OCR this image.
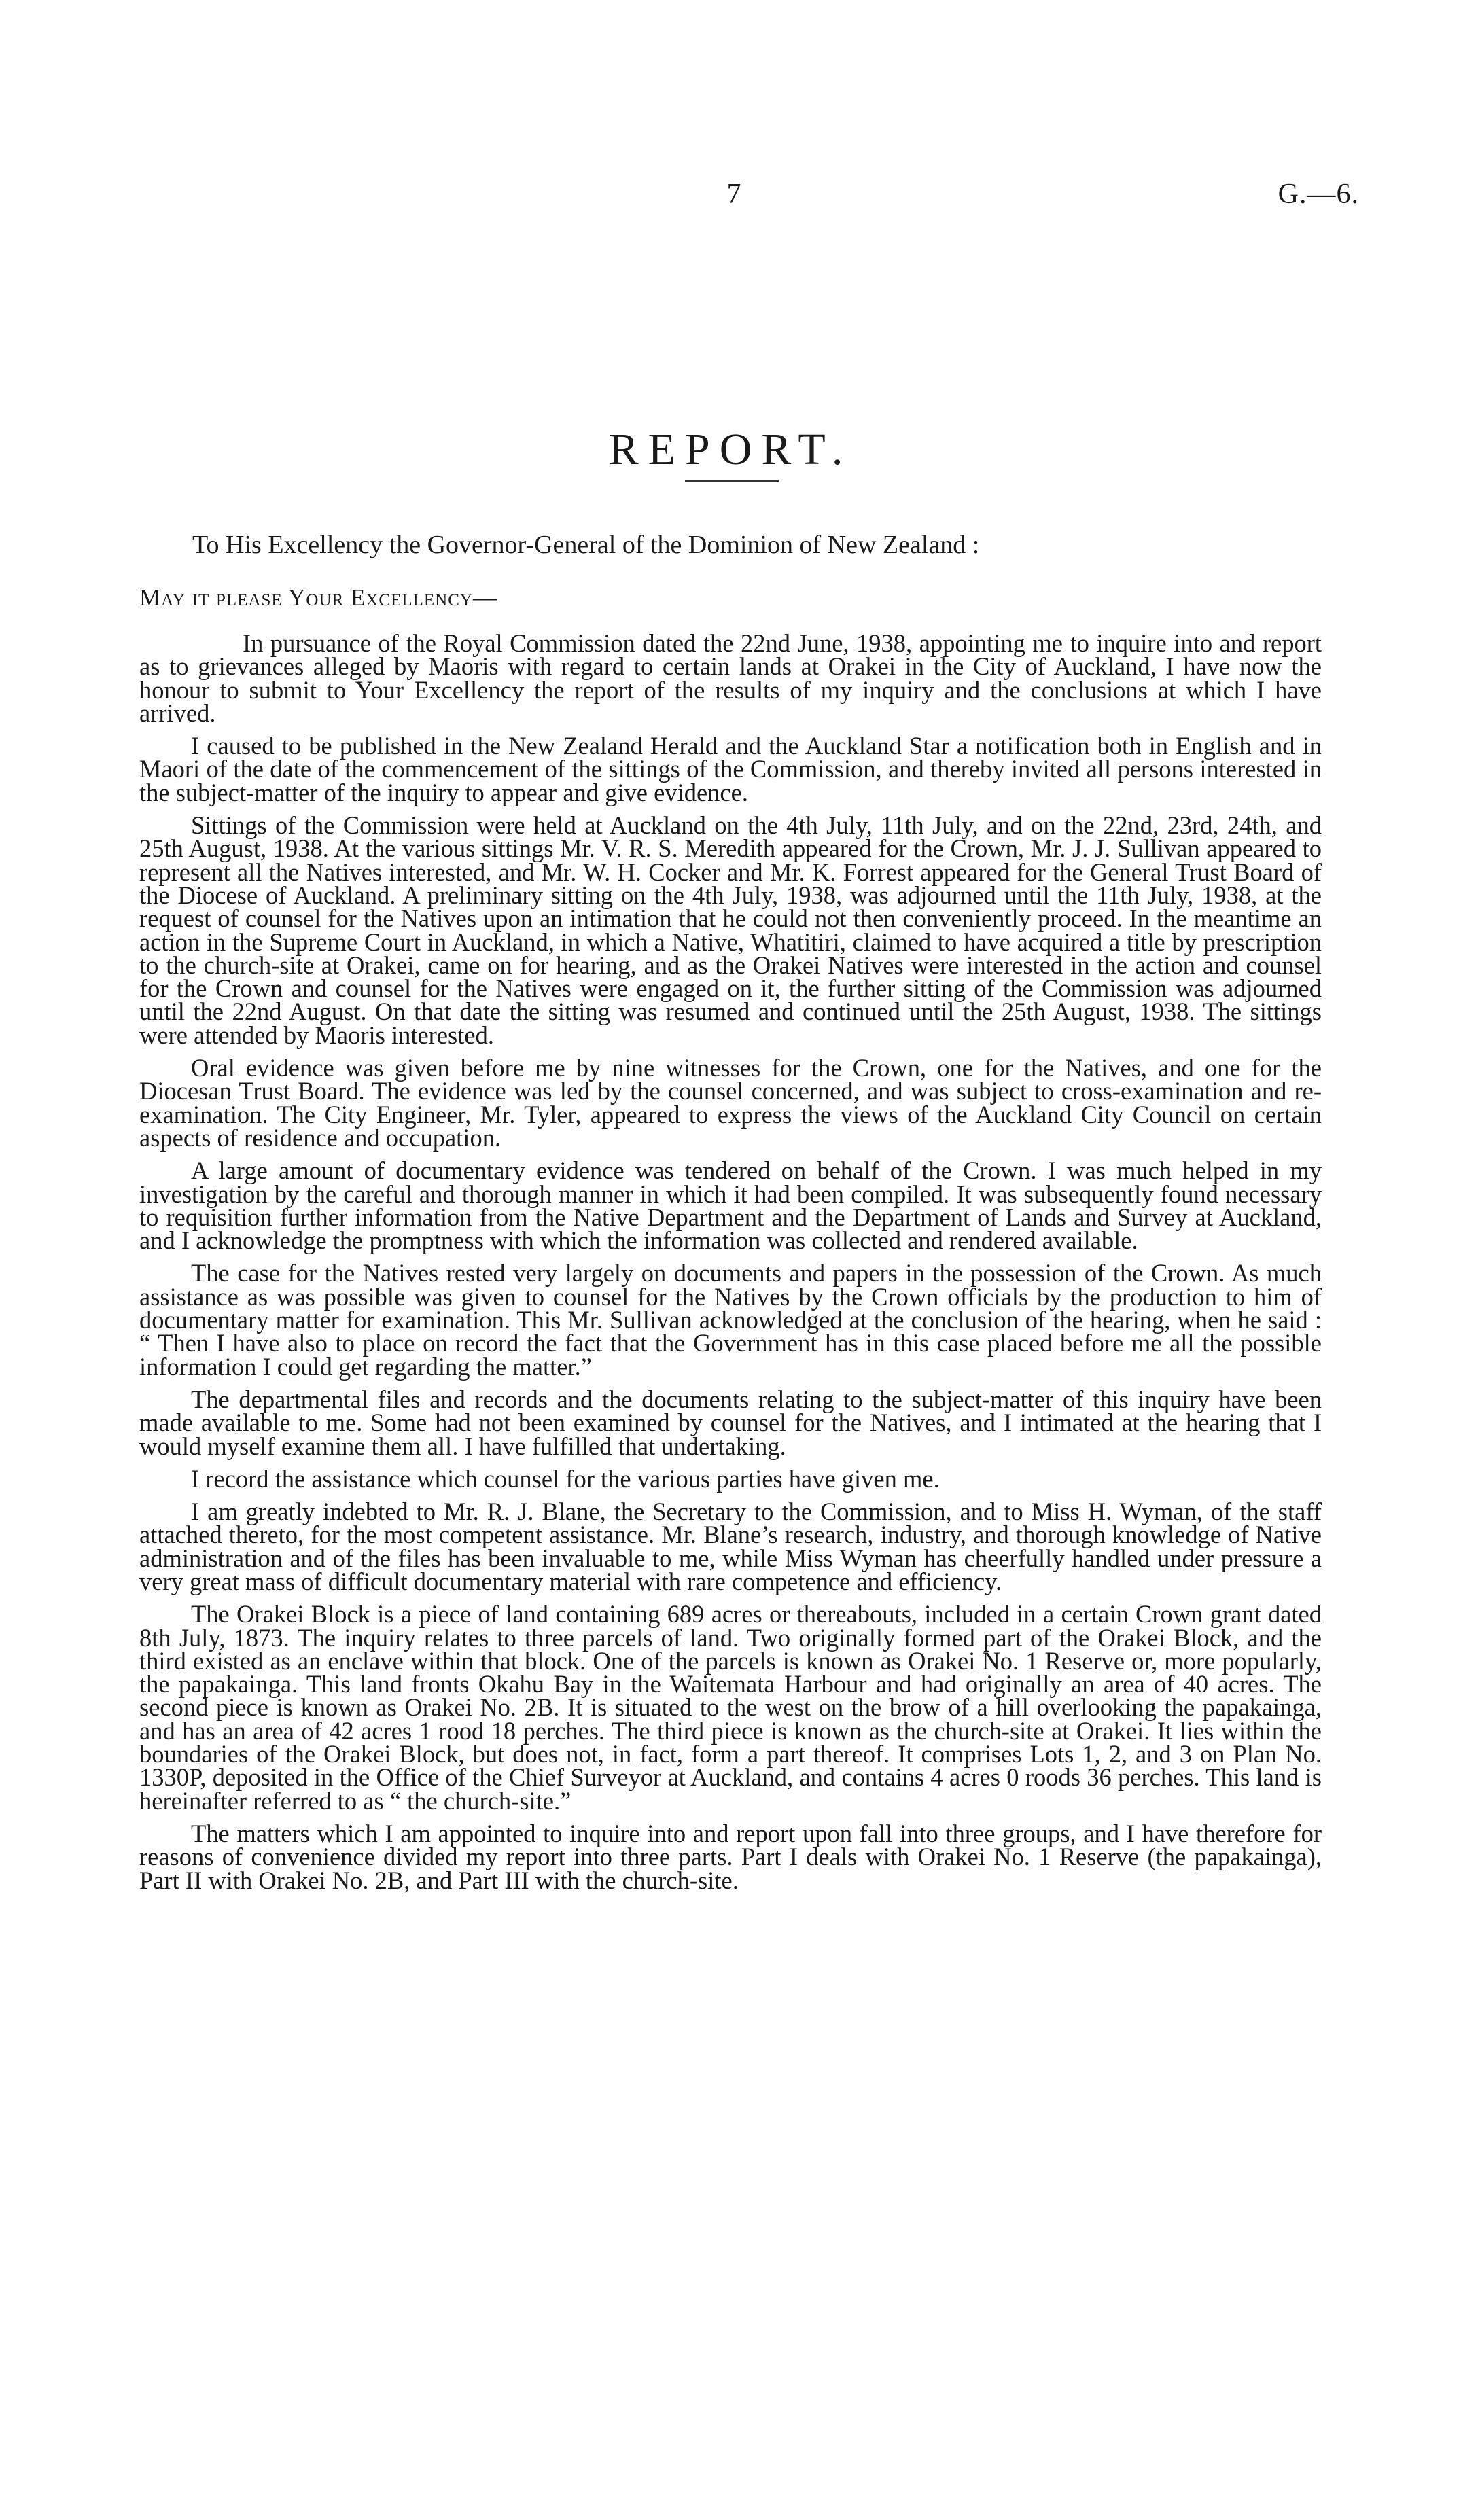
7	G.—6.
REPORT.
To His Excellency the Governor-General of the Dominion of New Zealand :
May it please Your Excellency—

In pursuance of the Royal Commission dated the 22nd June, 1938, appointing me to inquire into and report as to grievances alleged by Maoris with regard to certain lands at Orakei in the City of Auckland, I have now the honour to submit to Your Excellency the report of the results of my inquiry and the conclusions at which I have arrived.

I caused to be published in the New Zealand Herald and the Auckland Star a notification both in English and in Maori of the date of the commencement of the sittings of the Commission, and thereby invited all persons interested in the subject-matter of the inquiry to appear and give evidence.

Sittings of the Commission were held at Auckland on the 4th July, 11th July, and on the 22nd, 23rd, 24th, and 25th August, 1938. At the various sittings Mr. V. R. S. Meredith appeared for the Crown, Mr. J. J. Sullivan appeared to represent all the Natives interested, and Mr. W. H. Cocker and Mr. K. Forrest appeared for the General Trust Board of the Diocese of Auckland. A preliminary sitting on the 4th July, 1938, was adjourned until the 11th July, 1938, at the request of counsel for the Natives upon an intimation that he could not then conveniently proceed. In the meantime an action in the Supreme Court in Auckland, in which a Native, Whatitiri, claimed to have acquired a title by prescription to the church-site at Orakei, came on for hearing, and as the Orakei Natives were interested in the action and counsel for the Crown and counsel for the Natives were engaged on it, the further sitting of the Commission was adjourned until the 22nd August. On that date the sitting was resumed and continued until the 25th August, 1938. The sittings were attended by Maoris interested.

Oral evidence was given before me by nine witnesses for the Crown, one for the Natives, and one for the Diocesan Trust Board. The evidence was led by the counsel concerned, and was subject to cross-examination and re-examination. The City Engineer, Mr. Tyler, appeared to express the views of the Auckland City Council on certain aspects of residence and occupation.

A large amount of documentary evidence was tendered on behalf of the Crown. I was much helped in my investigation by the careful and thorough manner in which it had been compiled. It was subsequently found necessary to requisition further information from the Native Department and the Department of Lands and Survey at Auckland, and I acknowledge the promptness with which the information was collected and rendered available.

The case for the Natives rested very largely on documents and papers in the possession of the Crown. As much assistance as was possible was given to counsel for the Natives by the Crown officials by the production to him of documentary matter for examination. This Mr. Sullivan acknowledged at the conclusion of the hearing, when he said : “ Then I have also to place on record the fact that the Government has in this case placed before me all the possible information I could get regarding the matter.”

The departmental files and records and the documents relating to the subject-matter of this inquiry have been made available to me. Some had not been examined by counsel for the Natives, and I intimated at the hearing that I would myself examine them all. I have fulfilled that undertaking.

I record the assistance which counsel for the various parties have given me.

I am greatly indebted to Mr. R. J. Blane, the Secretary to the Commission, and to Miss H. Wyman, of the staff attached thereto, for the most competent assistance. Mr. Blane’s research, industry, and thorough knowledge of Native administration and of the files has been invaluable to me, while Miss Wyman has cheerfully handled under pressure a very great mass of difficult documentary material with rare competence and efficiency.

The Orakei Block is a piece of land containing 689 acres or thereabouts, included in a certain Crown grant dated 8th July, 1873. The inquiry relates to three parcels of land. Two originally formed part of the Orakei Block, and the third existed as an enclave within that block. One of the parcels is known as Orakei No. 1 Reserve or, more popularly, the papakainga. This land fronts Okahu Bay in the Waitemata Harbour and had originally an area of 40 acres. The second piece is known as Orakei No. 2B. It is situated to the west on the brow of a hill overlooking the papakainga, and has an area of 42 acres 1 rood 18 perches. The third piece is known as the church-site at Orakei. It lies within the boundaries of the Orakei Block, but does not, in fact, form a part thereof. It comprises Lots 1, 2, and 3 on Plan No. 1330P, deposited in the Office of the Chief Surveyor at Auckland, and contains 4 acres 0 roods 36 perches. This land is hereinafter referred to as “ the church-site.”

The matters which I am appointed to inquire into and report upon fall into three groups, and I have therefore for reasons of convenience divided my report into three parts. Part I deals with Orakei No. 1 Reserve (the papakainga), Part II with Orakei No. 2B, and Part III with the church-site.
